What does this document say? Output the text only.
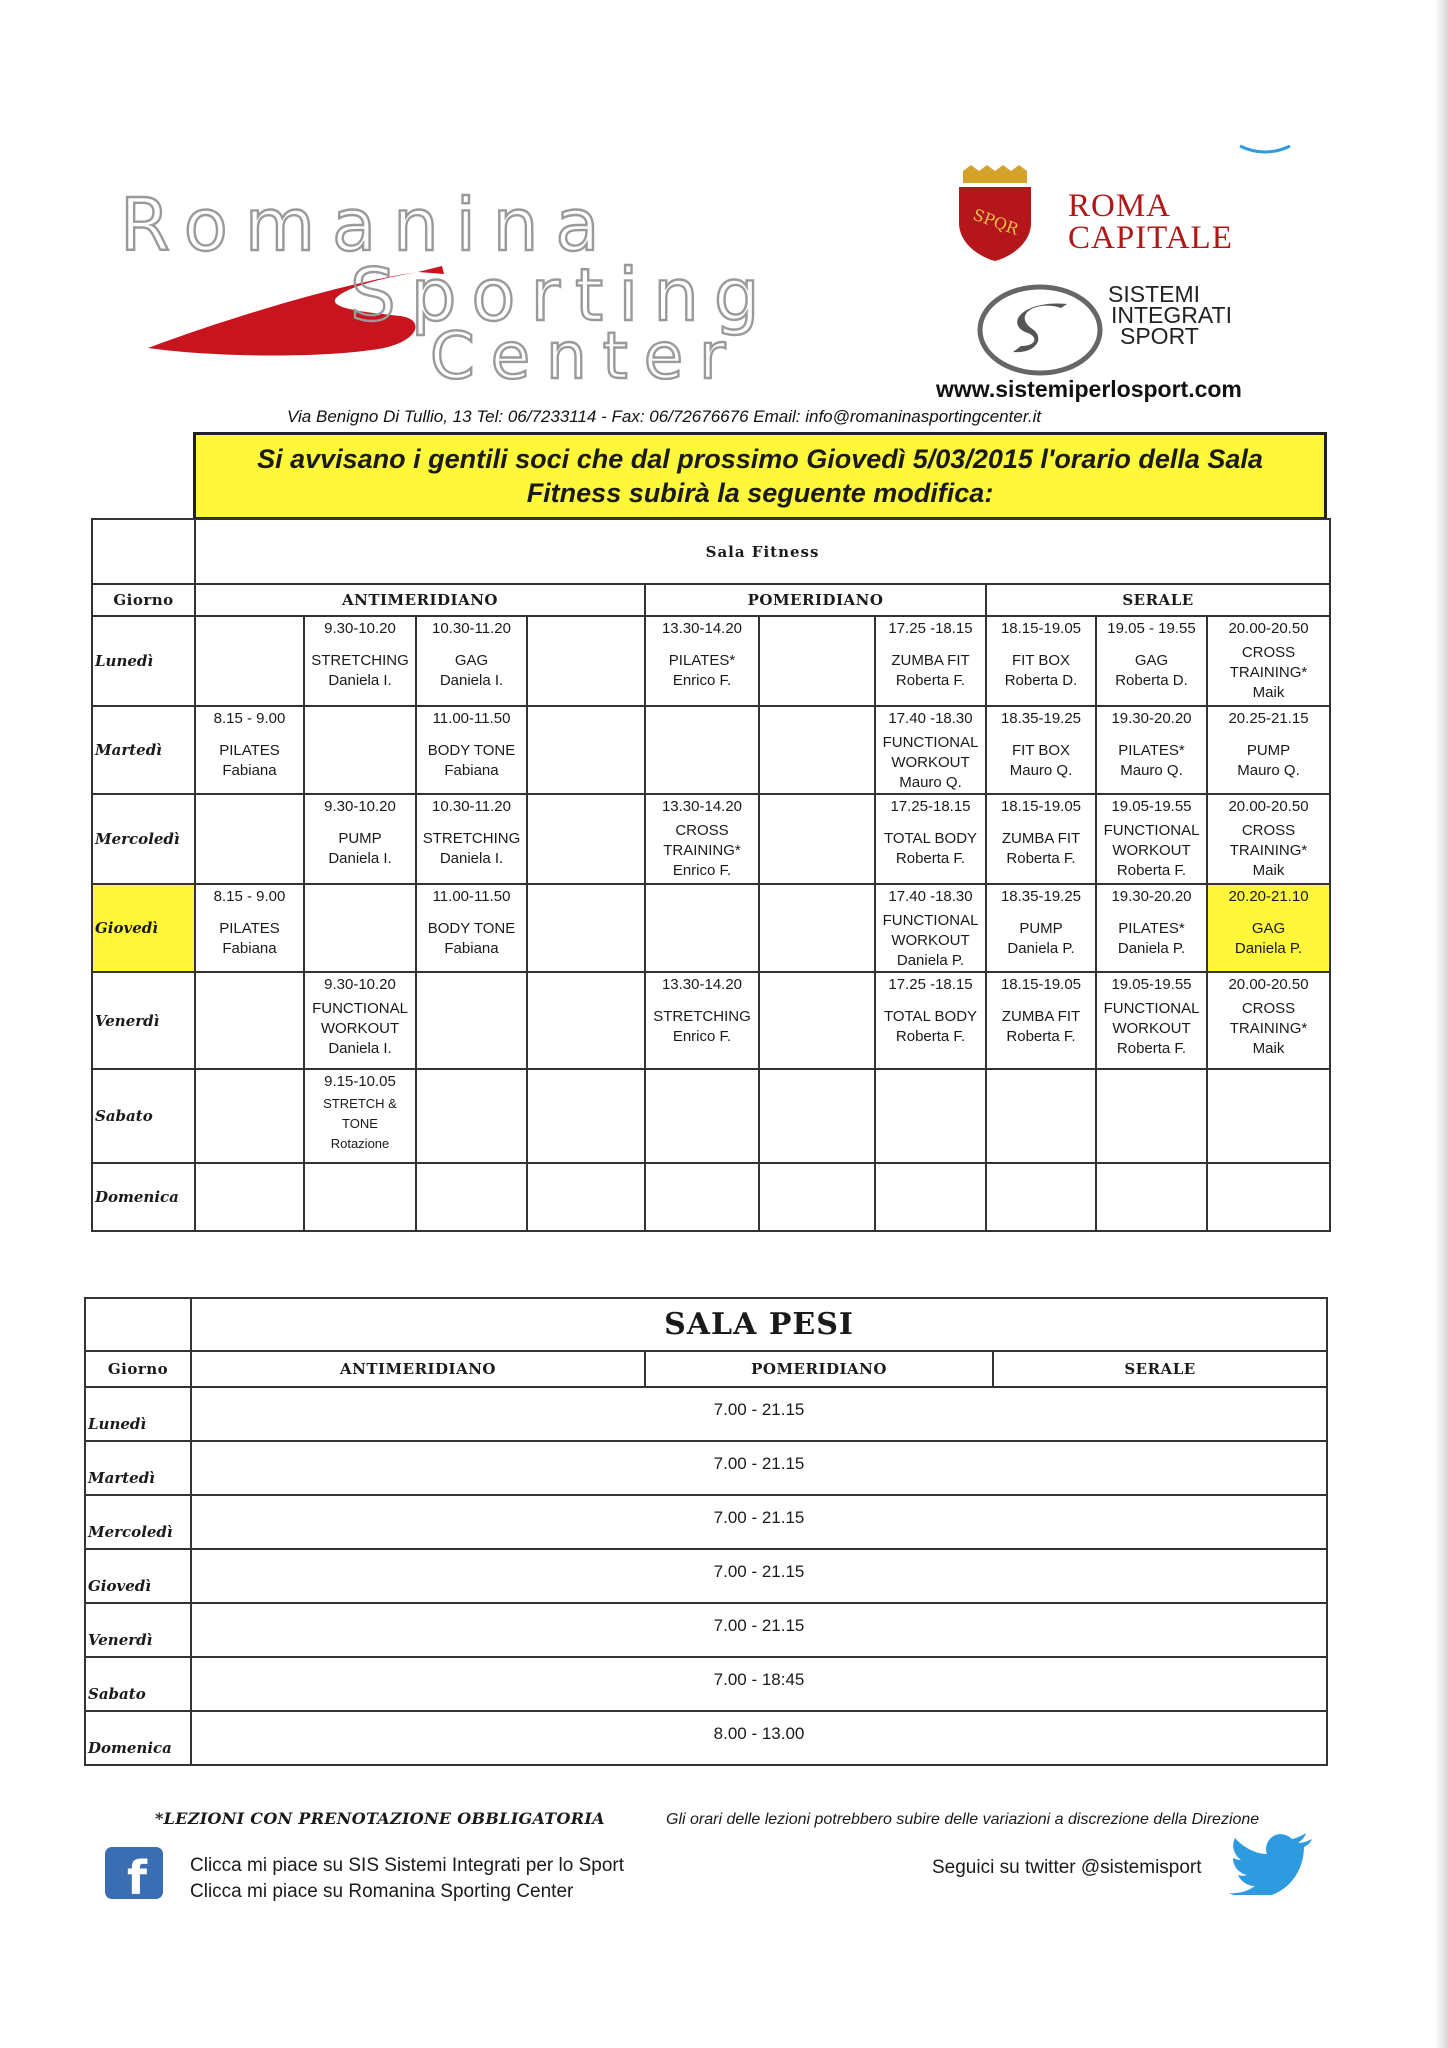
Romanina
Sporting
Center
SPQR ROMA
CAPITALE
SISTEMI
INTEGRATI
SPORT
www.sistemiperlosport.com
Via Benigno Di Tullio, 13 Tel: 06/7233114 - Fax: 06/72676676 Email: info@romaninasportingcenter.it
Si avvisano i gentili soci che dal prossimo Giovedì 5/03/2015 l'orario della Sala Fitness subirà la seguente modifica:
	Sala Fitness									
Giorno	ANTIMERIDIANO				POMERIDIANO			SERALE		
Lunedì		9.30-10.20
STRETCHING
Daniela I.	10.30-11.20
GAG
Daniela I.		13.30-14.20
PILATES*
Enrico F.		17.25 -18.15
ZUMBA FIT
Roberta F.	18.15-19.05
FIT BOX
Roberta D.	19.05 - 19.55
GAG
Roberta D.	20.00-20.50
CROSS
TRAINING*
Maik

Martedì	8.15 - 9.00
PILATES
Fabiana		11.00-11.50
BODY TONE
Fabiana				17.40 -18.30
FUNCTIONAL
WORKOUT
Mauro Q.	18.35-19.25
FIT BOX
Mauro Q.	19.30-20.20
PILATES*
Mauro Q.	20.25-21.15
PUMP
Mauro Q.

Mercoledì		9.30-10.20
PUMP
Daniela I.	10.30-11.20
STRETCHING
Daniela I.		13.30-14.20
CROSS
TRAINING*
Enrico F.		17.25-18.15
TOTAL BODY
Roberta F.	18.15-19.05
ZUMBA FIT
Roberta F.	19.05-19.55
FUNCTIONAL
WORKOUT
Roberta F.	20.00-20.50
CROSS
TRAINING*
Maik

Giovedì	8.15 - 9.00
PILATES
Fabiana		11.00-11.50
BODY TONE
Fabiana				17.40 -18.30
FUNCTIONAL
WORKOUT
Daniela P.	18.35-19.25
PUMP
Daniela P.	19.30-20.20
PILATES*
Daniela P.	20.20-21.10
GAG
Daniela P.

Venerdì		9.30-10.20
FUNCTIONAL
WORKOUT
Daniela I.			13.30-14.20
STRETCHING
Enrico F.		17.25 -18.15
TOTAL BODY
Roberta F.	18.15-19.05
ZUMBA FIT
Roberta F.	19.05-19.55
FUNCTIONAL
WORKOUT
Roberta F.	20.00-20.50
CROSS
TRAINING*
Maik

Sabato		9.15-10.05
STRETCH &
TONE
Rotazione								

Domenica										
	SALA PESI		
Giorno	ANTIMERIDIANO	POMERIDIANO	SERALE
Lunedì	7.00 - 21.15		
Martedì	7.00 - 21.15		
Mercoledì	7.00 - 21.15		
Giovedì	7.00 - 21.15		
Venerdì	7.00 - 21.15		
Sabato	7.00 - 18:45		
Domenica	8.00 - 13.00		
*LEZIONI CON PRENOTAZIONE OBBLIGATORIA	Gli orari delle lezioni potrebbero subire delle variazioni a discrezione della Direzione
f Clicca mi piace su SIS Sistemi Integrati per lo Sport
Clicca mi piace su Romanina Sporting Center
Seguici su twitter @sistemisport
